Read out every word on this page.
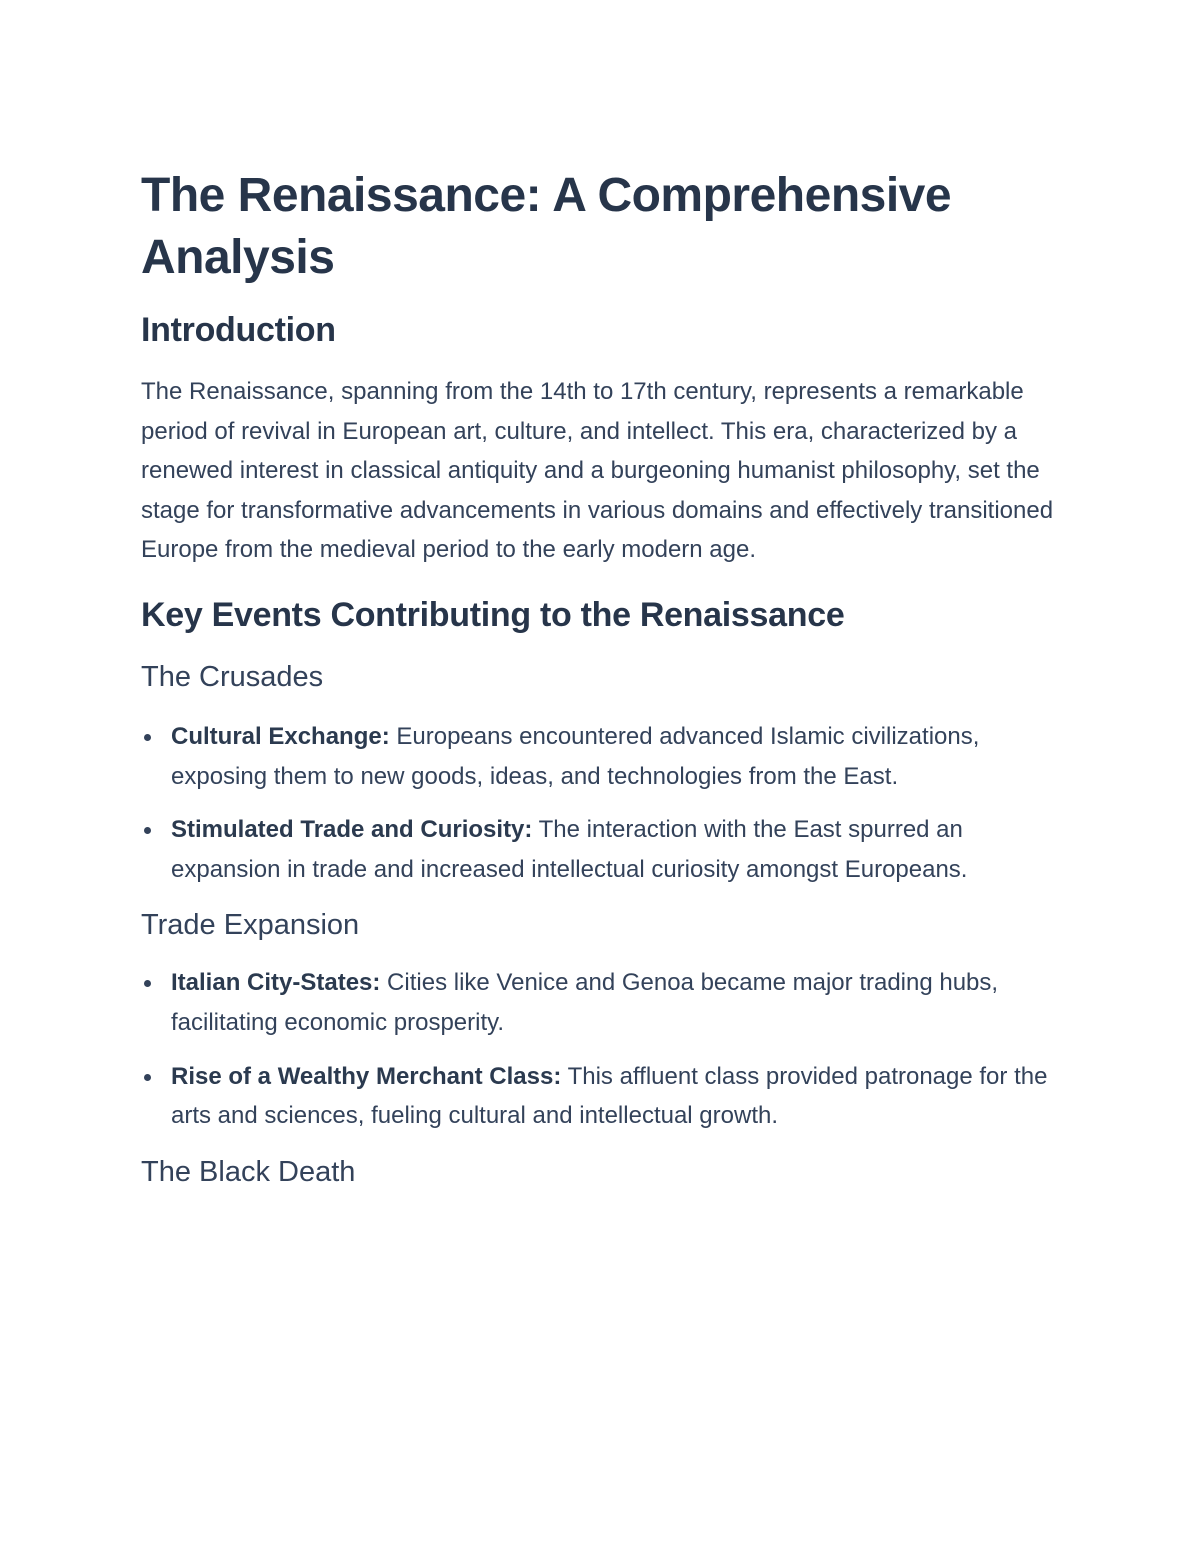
The Renaissance: A Comprehensive Analysis
Introduction

The Renaissance, spanning from the 14th to 17th century, represents a remarkable period of revival in European art, culture, and intellect. This era, characterized by a renewed interest in classical antiquity and a burgeoning humanist philosophy, set the stage for transformative advancements in various domains and effectively transitioned Europe from the medieval period to the early modern age.

Key Events Contributing to the Renaissance
The Crusades
Cultural Exchange: Europeans encountered advanced Islamic civilizations, exposing them to new goods, ideas, and technologies from the East.
Stimulated Trade and Curiosity: The interaction with the East spurred an expansion in trade and increased intellectual curiosity amongst Europeans.
Trade Expansion
Italian City-States: Cities like Venice and Genoa became major trading hubs, facilitating economic prosperity.
Rise of a Wealthy Merchant Class: This affluent class provided patronage for the arts and sciences, fueling cultural and intellectual growth.
The Black Death
